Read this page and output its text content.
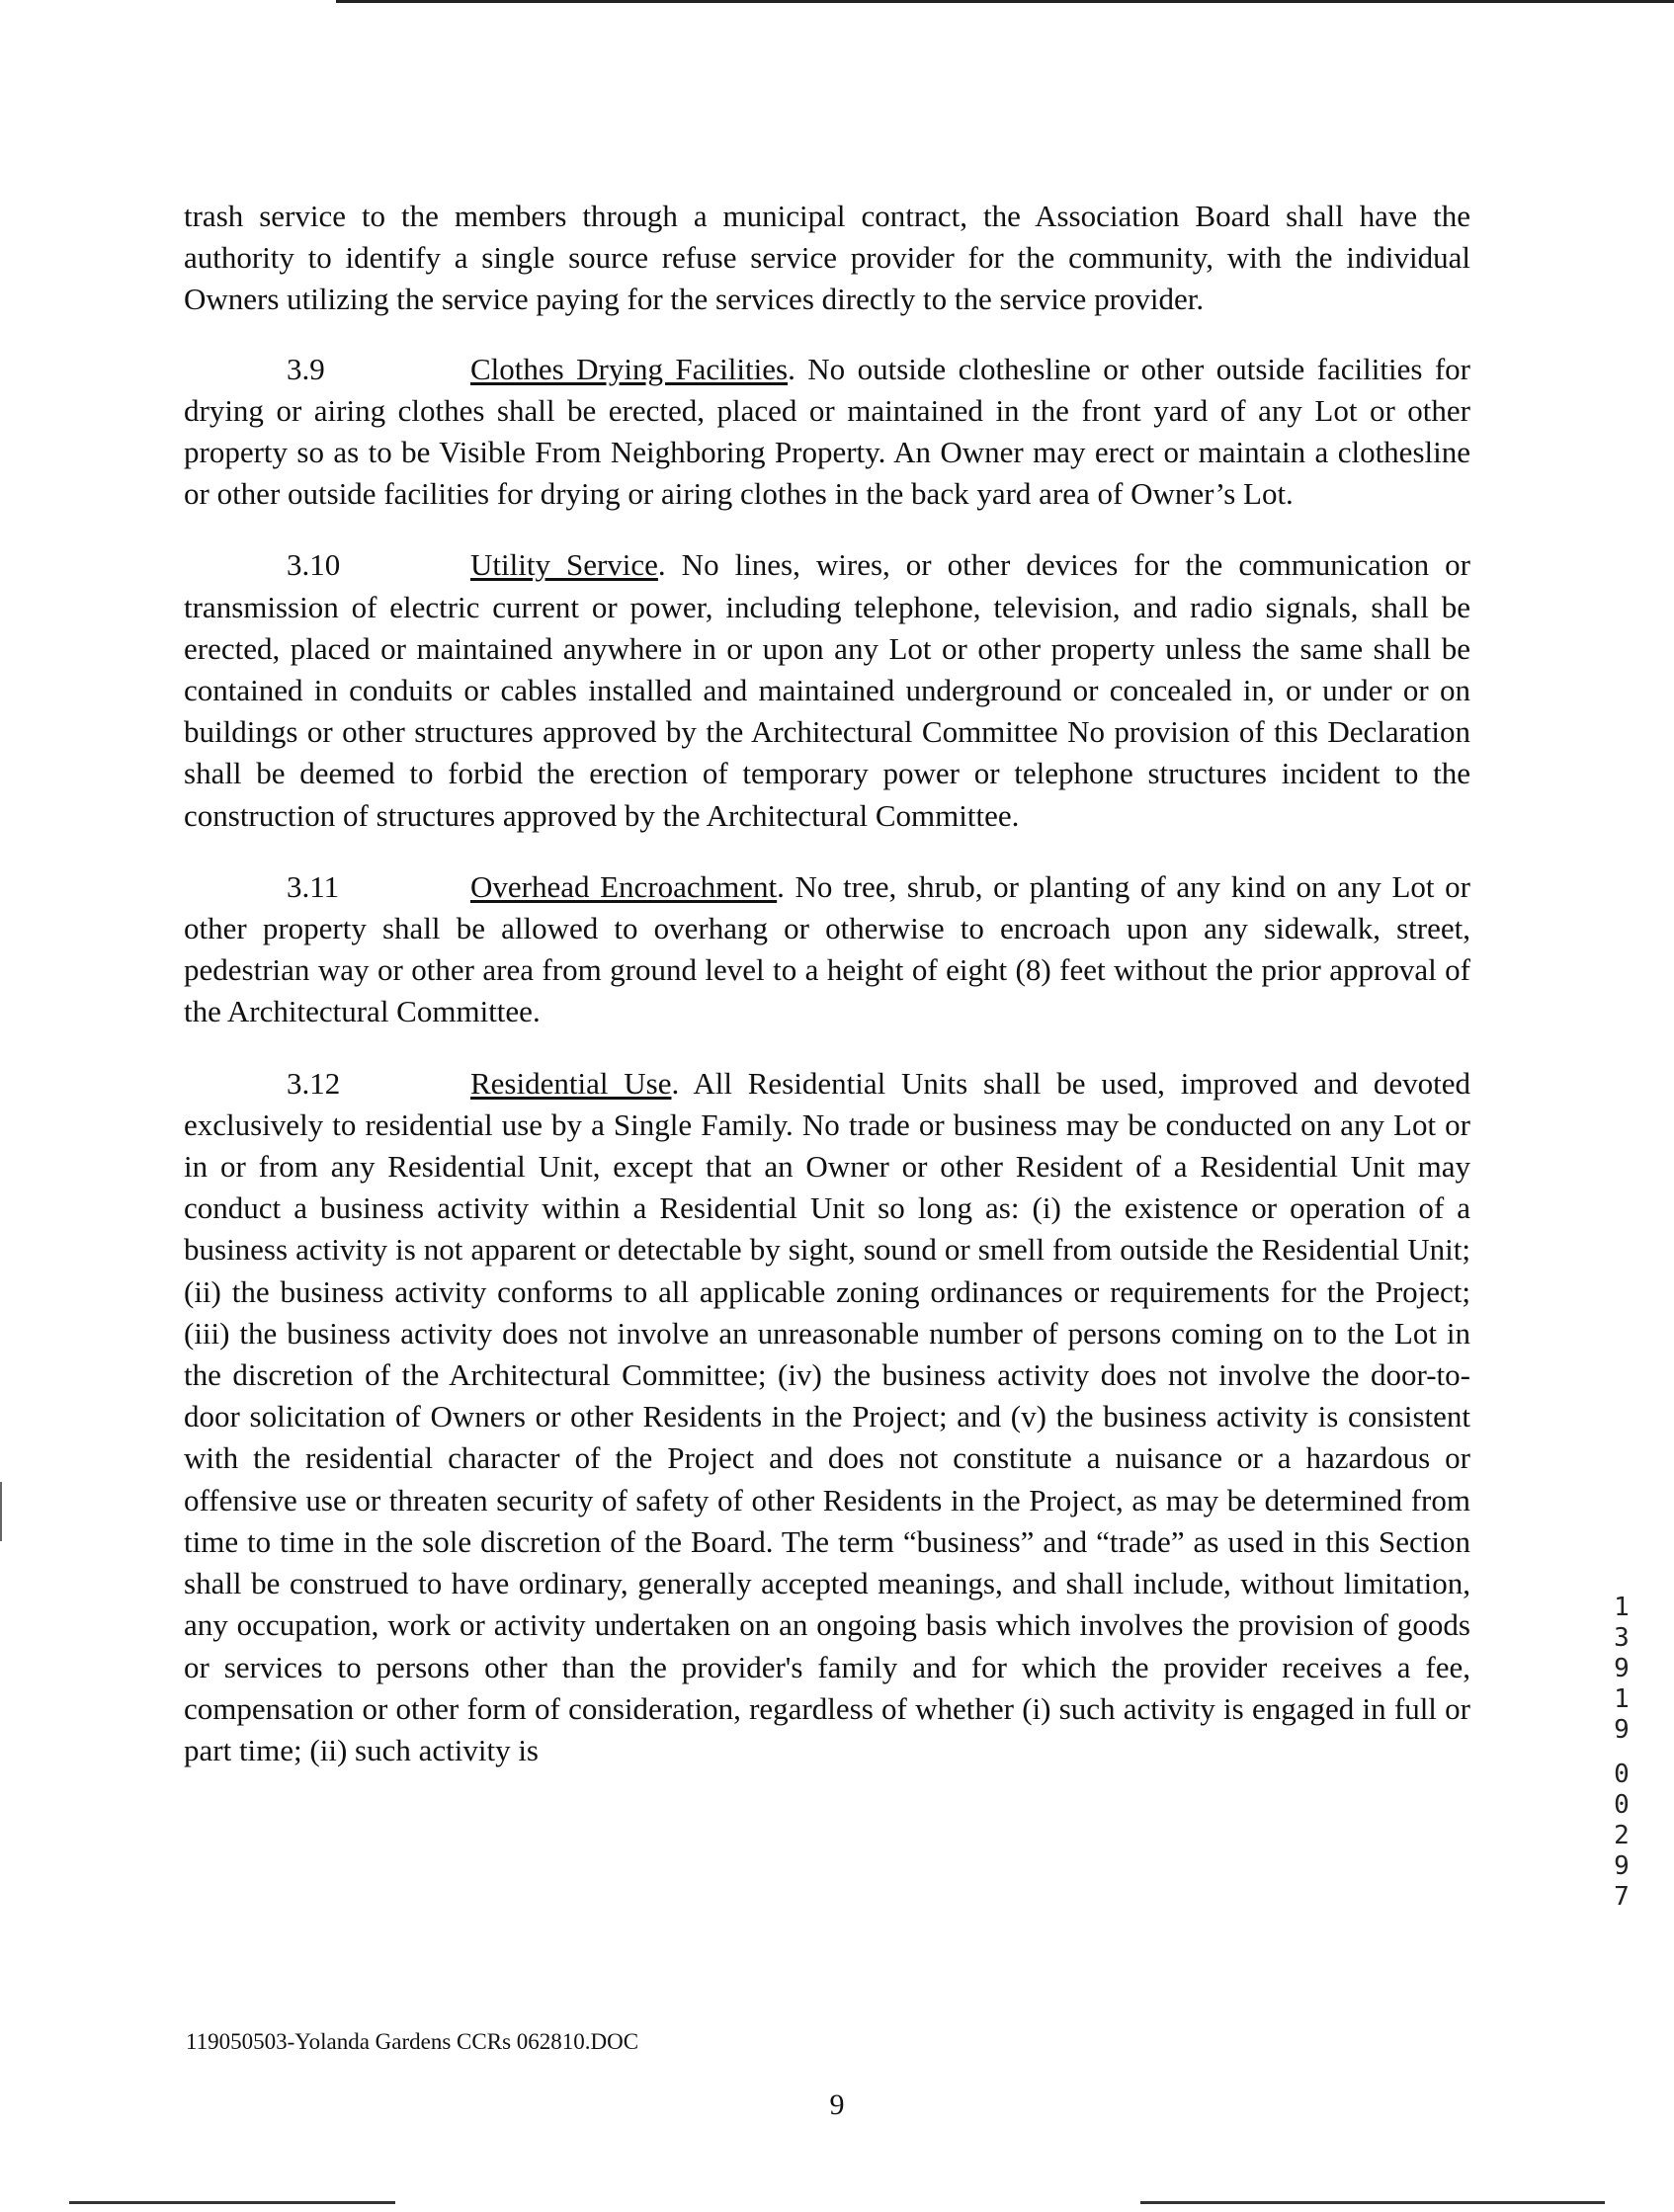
trash service to the members through a municipal contract, the Association Board shall have the authority to identify a single source refuse service provider for the community, with the individual Owners utilizing the service paying for the services directly to the service provider.

3.9	Clothes Drying Facilities. No outside clothesline or other outside facilities for drying or airing clothes shall be erected, placed or maintained in the front yard of any Lot or other property so as to be Visible From Neighboring Property. An Owner may erect or maintain a clothesline or other outside facilities for drying or airing clothes in the back yard area of Owner’s Lot.

3.10	Utility Service. No lines, wires, or other devices for the communication or transmission of electric current or power, including telephone, television, and radio signals, shall be erected, placed or maintained anywhere in or upon any Lot or other property unless the same shall be contained in conduits or cables installed and maintained underground or concealed in, or under or on buildings or other structures approved by the Architectural Committee No provision of this Declaration shall be deemed to forbid the erection of temporary power or telephone structures incident to the construction of structures approved by the Architectural Committee.

3.11	Overhead Encroachment. No tree, shrub, or planting of any kind on any Lot or other property shall be allowed to overhang or otherwise to encroach upon any sidewalk, street, pedestrian way or other area from ground level to a height of eight (8) feet without the prior approval of the Architectural Committee.

3.12	Residential Use. All Residential Units shall be used, improved and devoted exclusively to residential use by a Single Family. No trade or business may be conducted on any Lot or in or from any Residential Unit, except that an Owner or other Resident of a Residential Unit may conduct a business activity within a Residential Unit so long as: (i) the existence or operation of a business activity is not apparent or detectable by sight, sound or smell from outside the Residential Unit; (ii) the business activity conforms to all applicable zoning ordinances or requirements for the Project; (iii) the business activity does not involve an unreasonable number of persons coming on to the Lot in the discretion of the Architectural Committee; (iv) the business activity does not involve the door-to-door solicitation of Owners or other Residents in the Project; and (v) the business activity is consistent with the residential character of the Project and does not constitute a nuisance or a hazardous or offensive use or threaten security of safety of other Residents in the Project, as may be determined from time to time in the sole discretion of the Board. The term “business” and “trade” as used in this Section shall be construed to have ordinary, generally accepted meanings, and shall include, without limitation, any occupation, work or activity undertaken on an ongoing basis which involves the provision of goods or services to persons other than the provider's family and for which the provider receives a fee, compensation or other form of consideration, regardless of whether (i) such activity is engaged in full or part time; (ii) such activity is

119050503-Yolanda Gardens CCRs 062810.DOC
9
1
3
9
1
9
0
0
2
9
7
